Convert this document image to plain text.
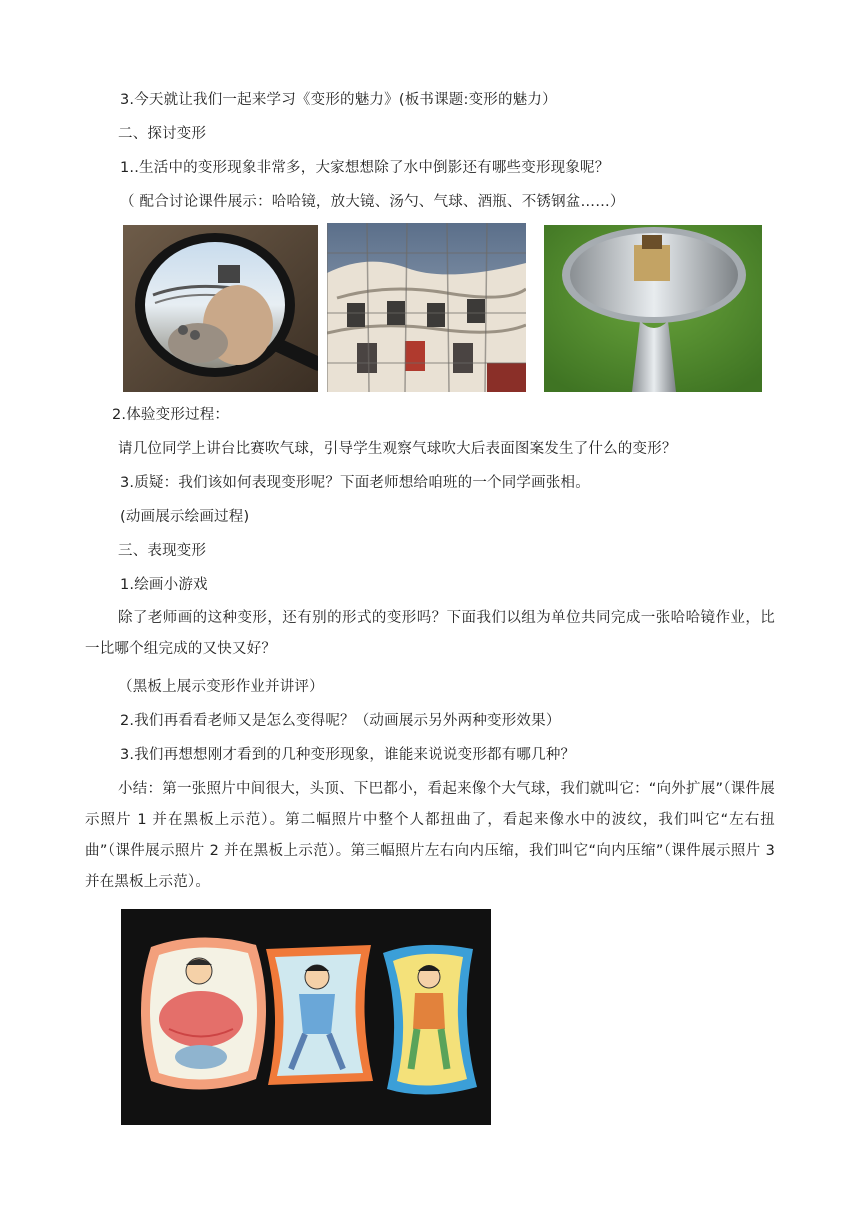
3.今天就让我们一起来学习《变形的魅力》(板书课题:变形的魅力）
二、探讨变形
1..生活中的变形现象非常多，大家想想除了水中倒影还有哪些变形现象呢？
（ 配合讨论课件展示：哈哈镜，放大镜、汤勺、气球、酒瓶、不锈钢盆……）
2.体验变形过程：
请几位同学上讲台比赛吹气球，引导学生观察气球吹大后表面图案发生了什么的变形？
3.质疑：我们该如何表现变形呢？下面老师想给咱班的一个同学画张相。
(动画展示绘画过程)
三、表现变形
1.绘画小游戏
除了老师画的这种变形，还有别的形式的变形吗？下面我们以组为单位共同完成一张哈哈镜作业，比一比哪个组完成的又快又好？
（黑板上展示变形作业并讲评）
2.我们再看看老师又是怎么变得呢？（动画展示另外两种变形效果）
3.我们再想想刚才看到的几种变形现象，谁能来说说变形都有哪几种？
小结：第一张照片中间很大，头顶、下巴都小，看起来像个大气球，我们就叫它：“向外扩展”（课件展示照片 1 并在黑板上示范）。第二幅照片中整个人都扭曲了，看起来像水中的波纹，我们叫它“左右扭曲”（课件展示照片 2 并在黑板上示范）。第三幅照片左右向内压缩，我们叫它“向内压缩”（课件展示照片 3 并在黑板上示范）。
